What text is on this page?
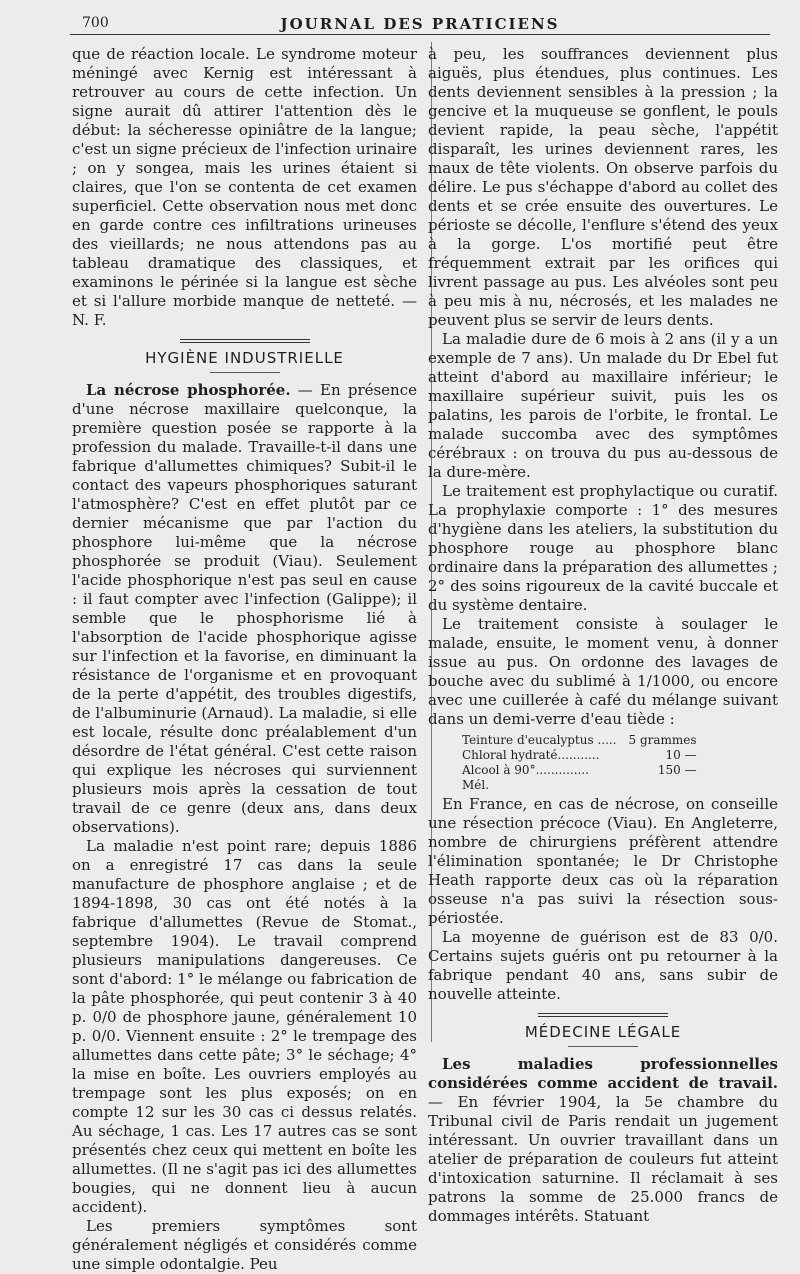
700	JOURNAL DES PRATICIENS

que de réaction locale. Le syndrome moteur méningé avec Kernig est intéressant à retrouver au cours de cette infection. Un signe aurait dû attirer l'attention dès le début: la sécheresse opiniâtre de la langue; c'est un signe précieux de l'infection urinaire ; on y songea, mais les urines étaient si claires, que l'on se contenta de cet examen superficiel. Cette observation nous met donc en garde contre ces infiltrations urineuses des vieillards; ne nous attendons pas au tableau dramatique des classiques, et examinons le périnée si la langue est sèche et si l'allure morbide manque de netteté. — N. F.

HYGIÈNE INDUSTRIELLE

La nécrose phosphorée. — En présence d'une nécrose maxillaire quelconque, la première question posée se rapporte à la profession du malade. Travaille-t-il dans une fabrique d'allumettes chimiques? Subit-il le contact des vapeurs phosphoriques saturant l'atmosphère? C'est en effet plutôt par ce dernier mécanisme que par l'action du phosphore lui-même que la nécrose phosphorée se produit (Viau). Seulement l'acide phosphorique n'est pas seul en cause : il faut compter avec l'infection (Galippe); il semble que le phosphorisme lié à l'absorption de l'acide phosphorique agisse sur l'infection et la favorise, en diminuant la résistance de l'organisme et en provoquant de la perte d'appétit, des troubles digestifs, de l'albuminurie (Arnaud). La maladie, si elle est locale, résulte donc préalablement d'un désordre de l'état général. C'est cette raison qui explique les nécroses qui surviennent plusieurs mois après la cessation de tout travail de ce genre (deux ans, dans deux observations).

La maladie n'est point rare; depuis 1886 on a enregistré 17 cas dans la seule manufacture de phosphore anglaise ; et de 1894-1898, 30 cas ont été notés à la fabrique d'allumettes (Revue de Stomat., septembre 1904). Le travail comprend plusieurs manipulations dangereuses. Ce sont d'abord: 1° le mélange ou fabrication de la pâte phosphorée, qui peut contenir 3 à 40 p. 0/0 de phosphore jaune, généralement 10 p. 0/0. Viennent ensuite : 2° le trempage des allumettes dans cette pâte; 3° le séchage; 4° la mise en boîte. Les ouvriers employés au trempage sont les plus exposés; on en compte 12 sur les 30 cas ci dessus relatés. Au séchage, 1 cas. Les 17 autres cas se sont présentés chez ceux qui mettent en boîte les allumettes. (Il ne s'agit pas ici des allumettes bougies, qui ne donnent lieu à aucun accident).

Les premiers symptômes sont généralement négligés et considérés comme une simple odontalgie. Peu

à peu, les souffrances deviennent plus aiguës, plus étendues, plus continues. Les dents deviennent sensibles à la pression ; la gencive et la muqueuse se gonflent, le pouls devient rapide, la peau sèche, l'appétit disparaît, les urines deviennent rares, les maux de tête violents. On observe parfois du délire. Le pus s'échappe d'abord au collet des dents et se crée ensuite des ouvertures. Le périoste se décolle, l'enflure s'étend des yeux à la gorge. L'os mortifié peut être fréquemment extrait par les orifices qui livrent passage au pus. Les alvéoles sont peu à peu mis à nu, nécrosés, et les malades ne peuvent plus se servir de leurs dents.

La maladie dure de 6 mois à 2 ans (il y a un exemple de 7 ans). Un malade du Dr Ebel fut atteint d'abord au maxillaire inférieur; le maxillaire supérieur suivit, puis les os palatins, les parois de l'orbite, le frontal. Le malade succomba avec des symptômes cérébraux : on trouva du pus au-dessous de la dure-mère.

Le traitement est prophylactique ou curatif. La prophylaxie comporte : 1° des mesures d'hygiène dans les ateliers, la substitution du phosphore rouge au phosphore blanc ordinaire dans la préparation des allumettes ; 2° des soins rigoureux de la cavité buccale et du système dentaire.

Le traitement consiste à soulager le malade, ensuite, le moment venu, à donner issue au pus. On ordonne des lavages de bouche avec du sublimé à 1/1000, ou encore avec une cuillerée à café du mélange suivant dans un demi-verre d'eau tiède :

Teinture d'eucalyptus .....	5 grammes
Chloral hydraté...........	10 —
Alcool à 90°..............	150 —
Mél.	

En France, en cas de nécrose, on conseille une résection précoce (Viau). En Angleterre, nombre de chirurgiens préfèrent attendre l'élimination spontanée; le Dr Christophe Heath rapporte deux cas où la réparation osseuse n'a pas suivi la résection sous-périostée.

La moyenne de guérison est de 83 0/0. Certains sujets guéris ont pu retourner à la fabrique pendant 40 ans, sans subir de nouvelle atteinte.

MÉDECINE LÉGALE

Les maladies professionnelles considérées comme accident de travail. — En février 1904, la 5e chambre du Tribunal civil de Paris rendait un jugement intéressant. Un ouvrier travaillant dans un atelier de préparation de couleurs fut atteint d'intoxication saturnine. Il réclamait à ses patrons la somme de 25.000 francs de dommages intérêts. Statuant
